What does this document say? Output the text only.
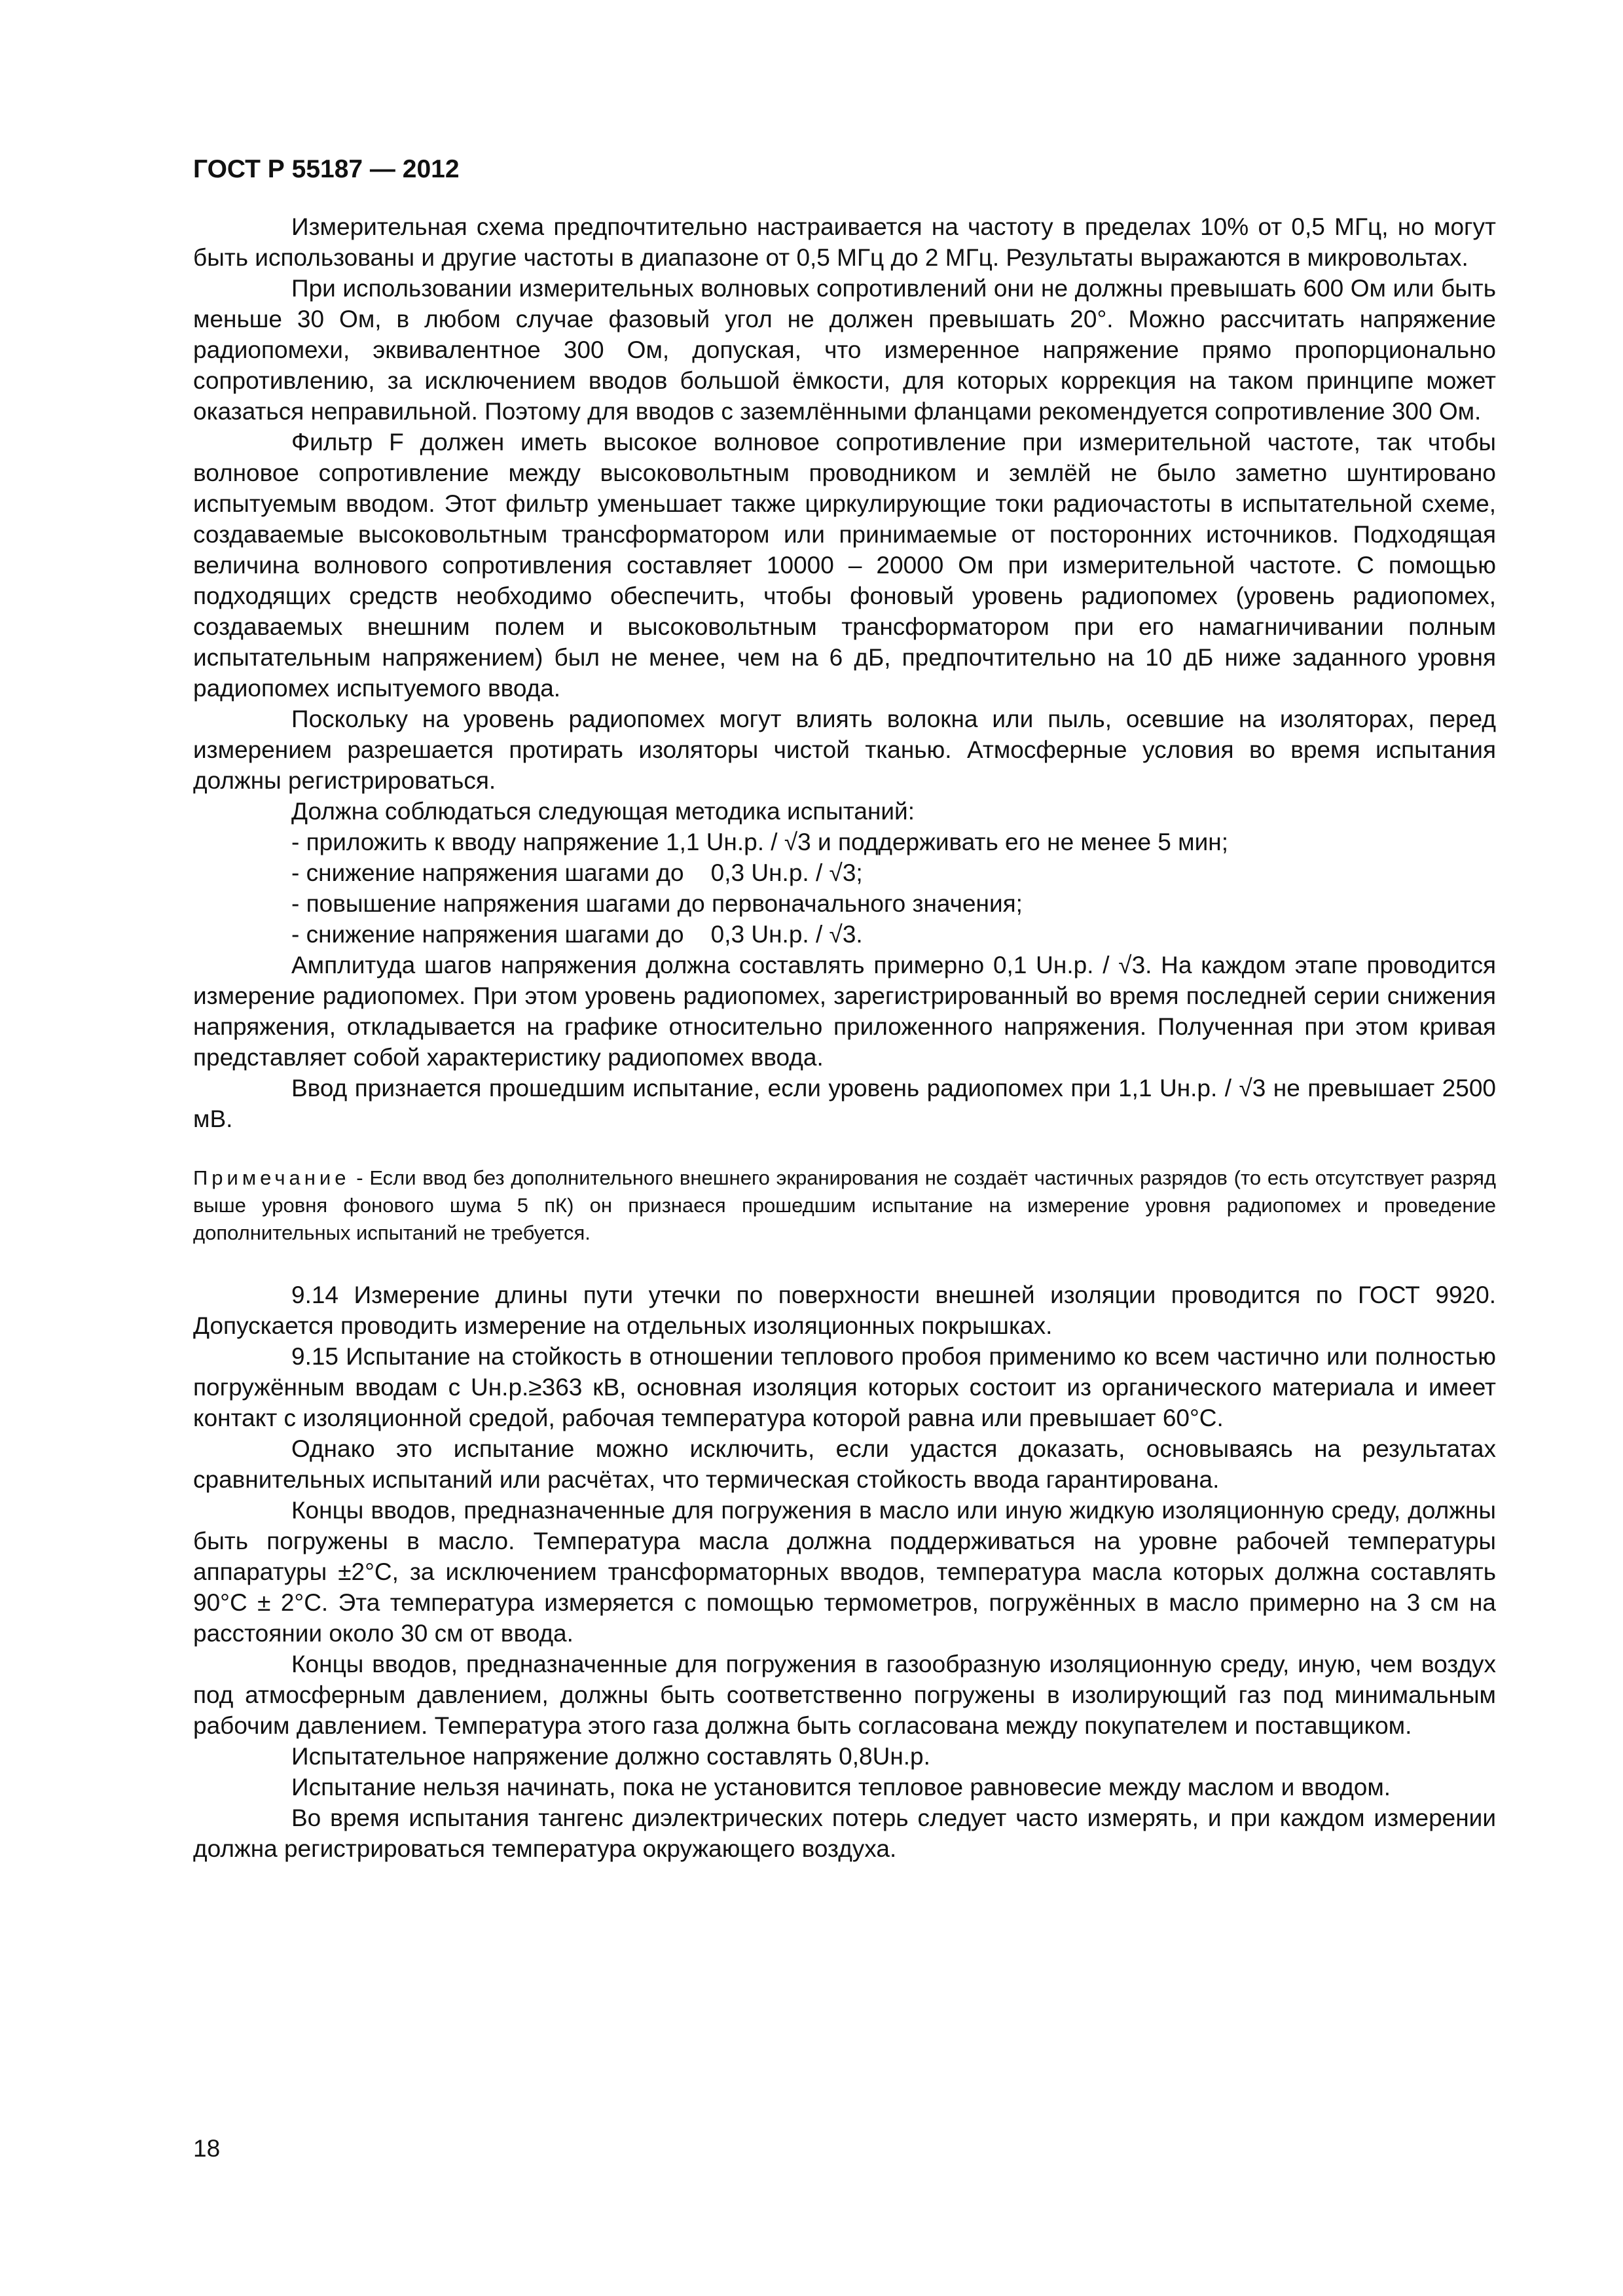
ГОСТ Р 55187 — 2012

Измерительная схема предпочтительно настраивается на частоту в пределах 10% от 0,5 МГц, но могут быть использованы и другие частоты в диапазоне от 0,5 МГц до 2 МГц. Результаты выражаются в микровольтах.

При использовании измерительных волновых сопротивлений они не должны превышать 600 Ом или быть меньше 30 Ом, в любом случае фазовый угол не должен превышать 20°. Можно рассчитать напряжение радиопомехи, эквивалентное 300 Ом, допуская, что измеренное напряжение прямо пропорционально сопротивлению, за исключением вводов большой ёмкости, для которых коррекция на таком принципе может оказаться неправильной. Поэтому для вводов с заземлёнными фланцами рекомендуется сопротивление 300 Ом.

Фильтр F должен иметь высокое волновое сопротивление при измерительной частоте, так чтобы волновое сопротивление между высоковольтным проводником и землёй не было заметно шунтировано испытуемым вводом. Этот фильтр уменьшает также циркулирующие токи радиочастоты в испытательной схеме, создаваемые высоковольтным трансформатором или принимаемые от посторонних источников. Подходящая величина волнового сопротивления составляет 10000 – 20000 Ом при измерительной частоте. С помощью подходящих средств необходимо обеспечить, чтобы фоновый уровень радиопомех (уровень радиопомех, создаваемых внешним полем и высоковольтным трансформатором при его намагничивании полным испытательным напряжением) был не менее, чем на 6 дБ, предпочтительно на 10 дБ ниже заданного уровня радиопомех испытуемого ввода.

Поскольку на уровень радиопомех могут влиять волокна или пыль, осевшие на изоляторах, перед измерением разрешается протирать изоляторы чистой тканью. Атмосферные условия во время испытания должны регистрироваться.

Должна соблюдаться следующая методика испытаний:

- приложить к вводу напряжение 1,1 Uн.р. / √3 и поддерживать его не менее 5 мин;

- снижение напряжения шагами до    0,3 Uн.р. / √3;

- повышение напряжения шагами до первоначального значения;

- снижение напряжения шагами до    0,3 Uн.р. / √3.

Амплитуда шагов напряжения должна составлять примерно 0,1 Uн.р. / √3. На каждом этапе проводится измерение радиопомех. При этом уровень радиопомех, зарегистрированный во время последней серии снижения напряжения, откладывается на графике относительно приложенного напряжения. Полученная при этом кривая представляет собой характеристику радиопомех ввода.

Ввод признается прошедшим испытание, если уровень радиопомех при 1,1 Uн.р. / √3 не превышает 2500 мВ.

Примечание - Если ввод без дополнительного внешнего экранирования не создаёт частичных разрядов (то есть отсутствует разряд выше уровня фонового шума 5 пК) он признаеся прошедшим испытание на измерение уровня радиопомех и проведение дополнительных испытаний не требуется.

9.14 Измерение длины пути утечки по поверхности внешней изоляции проводится по ГОСТ 9920. Допускается проводить измерение на отдельных изоляционных покрышках.

9.15 Испытание на стойкость в отношении теплового пробоя применимо ко всем частично или полностью погружённым вводам с Uн.р.≥363 кВ, основная изоляция которых состоит из органического материала и имеет контакт с изоляционной средой, рабочая температура которой равна или превышает 60°С.

Однако это испытание можно исключить, если удастся доказать, основываясь на результатах сравнительных испытаний или расчётах, что термическая стойкость ввода гарантирована.

Концы вводов, предназначенные для погружения в масло или иную жидкую изоляционную среду, должны быть погружены в масло. Температура масла должна поддерживаться на уровне рабочей температуры аппаратуры ±2°С, за исключением трансформаторных вводов, температура масла которых должна составлять 90°С ± 2°С. Эта температура измеряется с помощью термометров, погружённых в масло примерно на 3 см на расстоянии около 30 см от ввода.

Концы вводов, предназначенные для погружения в газообразную изоляционную среду, иную, чем воздух под атмосферным давлением, должны быть соответственно погружены в изолирующий газ под минимальным рабочим давлением. Температура этого газа должна быть согласована между покупателем и поставщиком.

Испытательное напряжение должно составлять 0,8Uн.р.

Испытание нельзя начинать, пока не установится тепловое равновесие между маслом и вводом.

Во время испытания тангенс диэлектрических потерь следует часто измерять, и при каждом измерении должна регистрироваться температура окружающего воздуха.

18
